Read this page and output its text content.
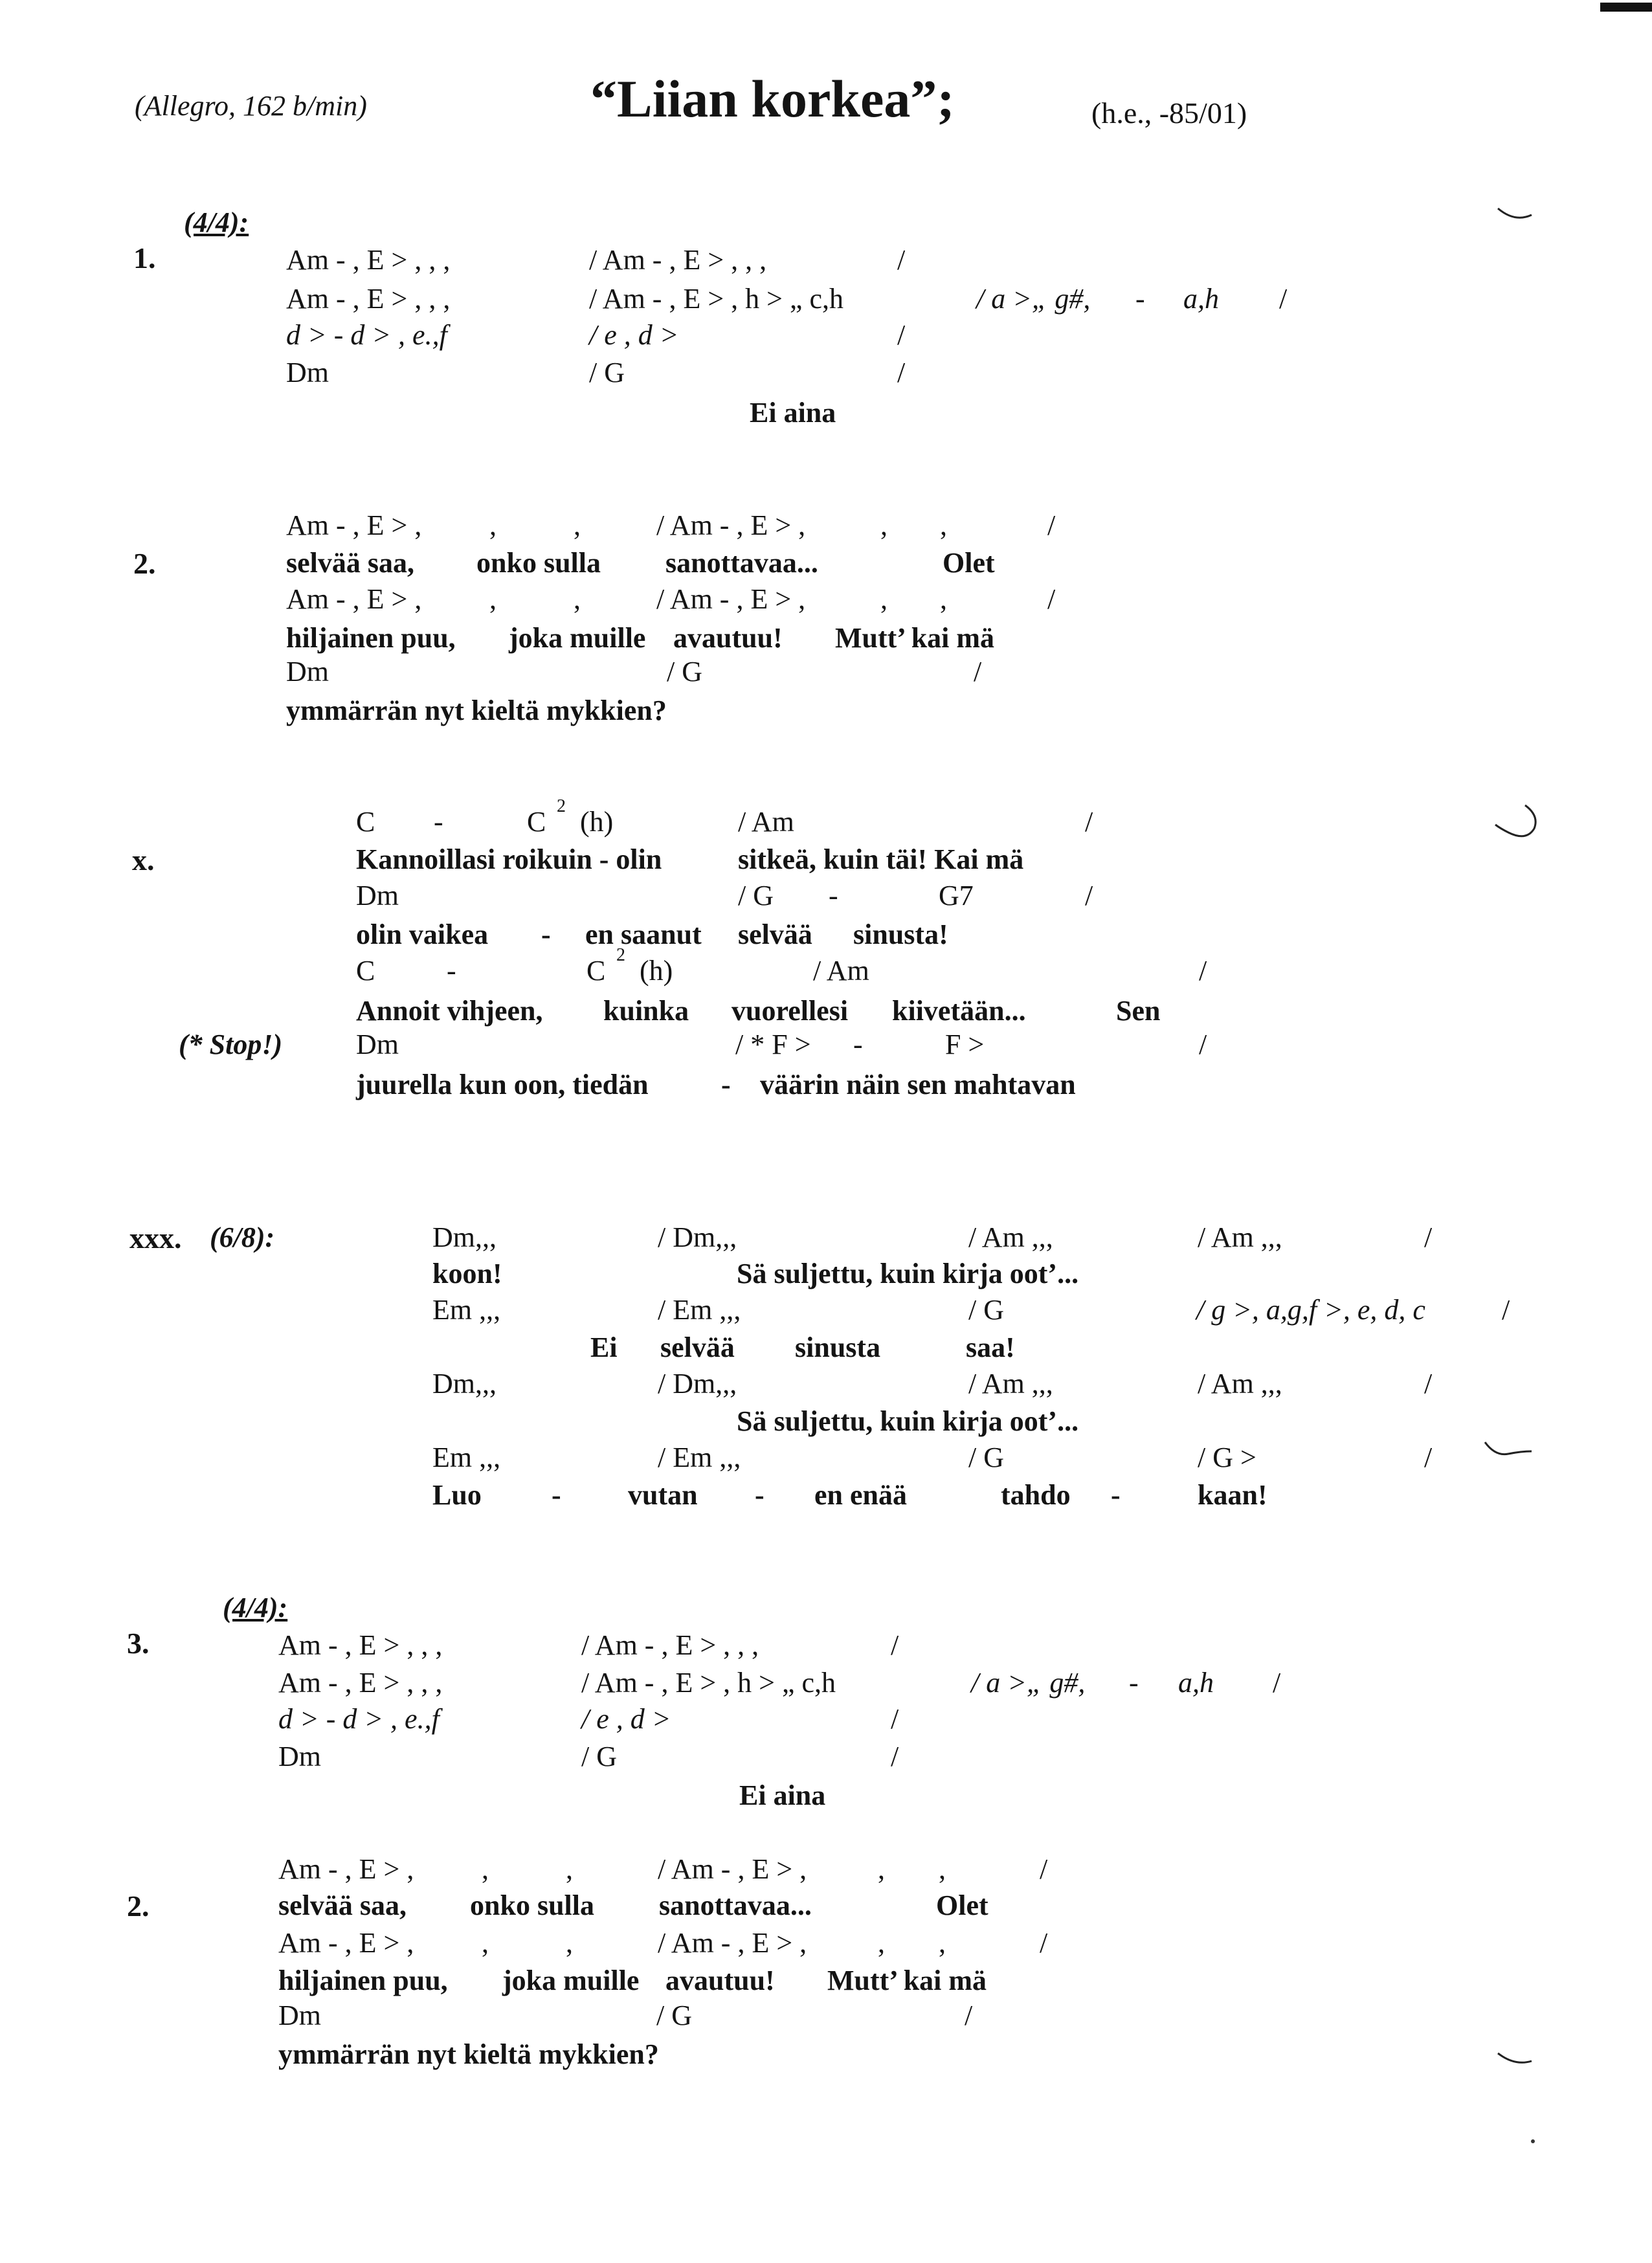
(Allegro, 162 b/min)	“Liian korkea”;	(h.e., -85/01)
(4/4):
1.	Am - , E > , , ,	/ Am - , E > , , ,	/
Am - , E > , , ,	/ Am - , E > , h > „ c,h	/ a >„ g#, - a,h /
d > - d > , e.,f	/ e , d >	/
Dm	/ G	/
Ei aina
Am - , E > , ,	,	/ Am - , E > ,	, ,	/
2.	selvää saa, onko sulla sanottavaa...	Olet
Am - , E > , ,	,	/ Am - , E > ,	, ,	/
hiljainen puu, joka muille avautuu! Mutt’ kai mä
Dm	/ G	/
ymmärrän nyt kieltä mykkien?
C -	C 2 (h)	/ Am	/
x.	Kannoillasi roikuin - olin	sitkeä, kuin täi! Kai mä
Dm	/ G -	G7	/
olin vaikea - en saanut selvää sinusta!
C	-	C 2 (h)	/ Am	/
Annoit vihjeen, kuinka vuorellesi kiivetään...	Sen
(* Stop!)	Dm	/ * F > -	F >	/
juurella kun oon, tiedän	- väärin näin sen mahtavan
xxx. (6/8):	Dm,,,	/ Dm,,,	/ Am ,,,	/ Am ,,,	/
koon!	Sä suljettu, kuin kirja oot’...
Em ,,,	/ Em ,,,	/ G	/ g >, a,g,f >, e, d, c	/
Ei selvää sinusta	saa!
Dm,,,	/ Dm,,,	/ Am ,,,	/ Am ,,,	/
Sä suljettu, kuin kirja oot’...
Em ,,,	/ Em ,,,	/ G	/ G >	/
Luo - vutan - en enää	tahdo -	kaan!
(4/4):
3.	Am - , E > , , ,	/ Am - , E > , , ,	/
Am - , E > , , ,	/ Am - , E > , h > „ c,h	/ a >„ g#, - a,h /
d > - d > , e.,f	/ e , d >	/
Dm	/ G	/
Ei aina
Am - , E > , ,	,	/ Am - , E > , , ,	/
2.	selvää saa, onko sulla sanottavaa...	Olet
Am - , E > , ,	,	/ Am - , E > , , ,	/
hiljainen puu, joka muille avautuu! Mutt’ kai mä
Dm	/ G	/
ymmärrän nyt kieltä mykkien?
